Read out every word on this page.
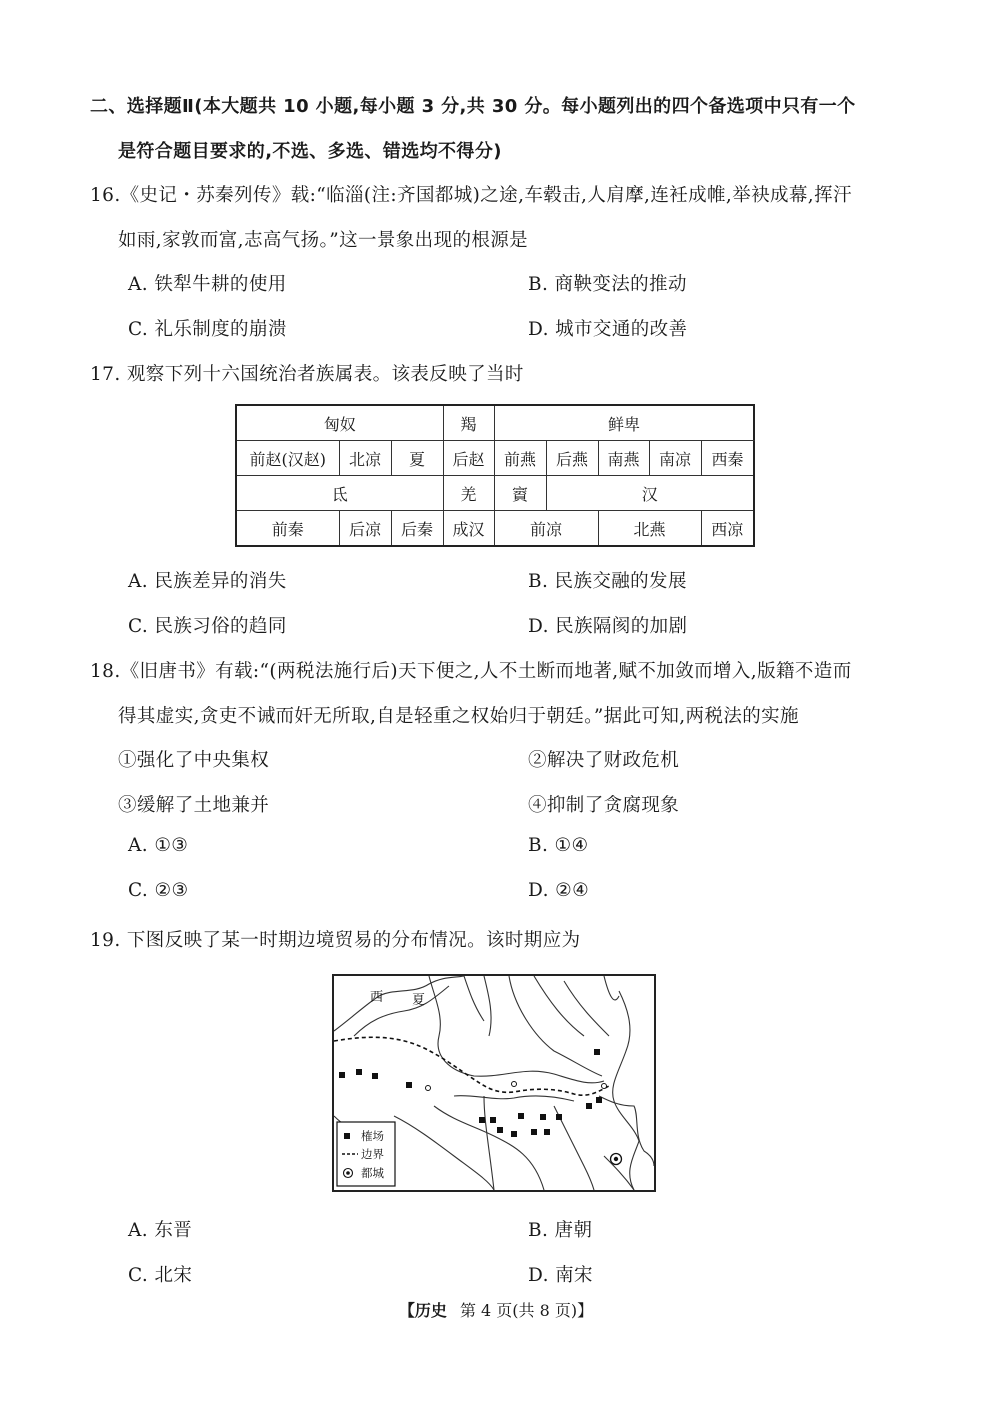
二、选择题Ⅱ(本大题共 10 小题,每小题 3 分,共 30 分。每小题列出的四个备选项中只有一个
是符合题目要求的,不选、多选、错选均不得分)
16.《史记・苏秦列传》载:“临淄(注:齐国都城)之途,车毂击,人肩摩,连衽成帷,举袂成幕,挥汗
如雨,家敦而富,志高气扬。”这一景象出现的根源是
A. 铁犁牛耕的使用	B. 商鞅变法的推动
C. 礼乐制度的崩溃	D. 城市交通的改善
17. 观察下列十六国统治者族属表。该表反映了当时
匈奴			羯	鲜卑				
前赵(汉赵)	北凉	夏	后赵	前燕	后燕	南燕	南凉	西秦
氐			羌	賨	汉			
前秦	后凉	后秦	成汉	前凉		北燕		西凉
A. 民族差异的消失	B. 民族交融的发展
C. 民族习俗的趋同	D. 民族隔阂的加剧
18.《旧唐书》有载:“(两税法施行后)天下便之,人不土断而地著,赋不加敛而增入,版籍不造而
得其虚实,贪吏不诫而奸无所取,自是轻重之权始归于朝廷。”据此可知,两税法的实施
①强化了中央集权	②解决了财政危机
③缓解了土地兼并	④抑制了贪腐现象
A. ①③	B. ①④
C. ②③	D. ②④
19. 下图反映了某一时期边境贸易的分布情况。该时期应为
西 夏
榷场
边界
都城
A. 东晋	B. 唐朝
C. 北宋	D. 南宋
【历史 第 4 页(共 8 页)】
